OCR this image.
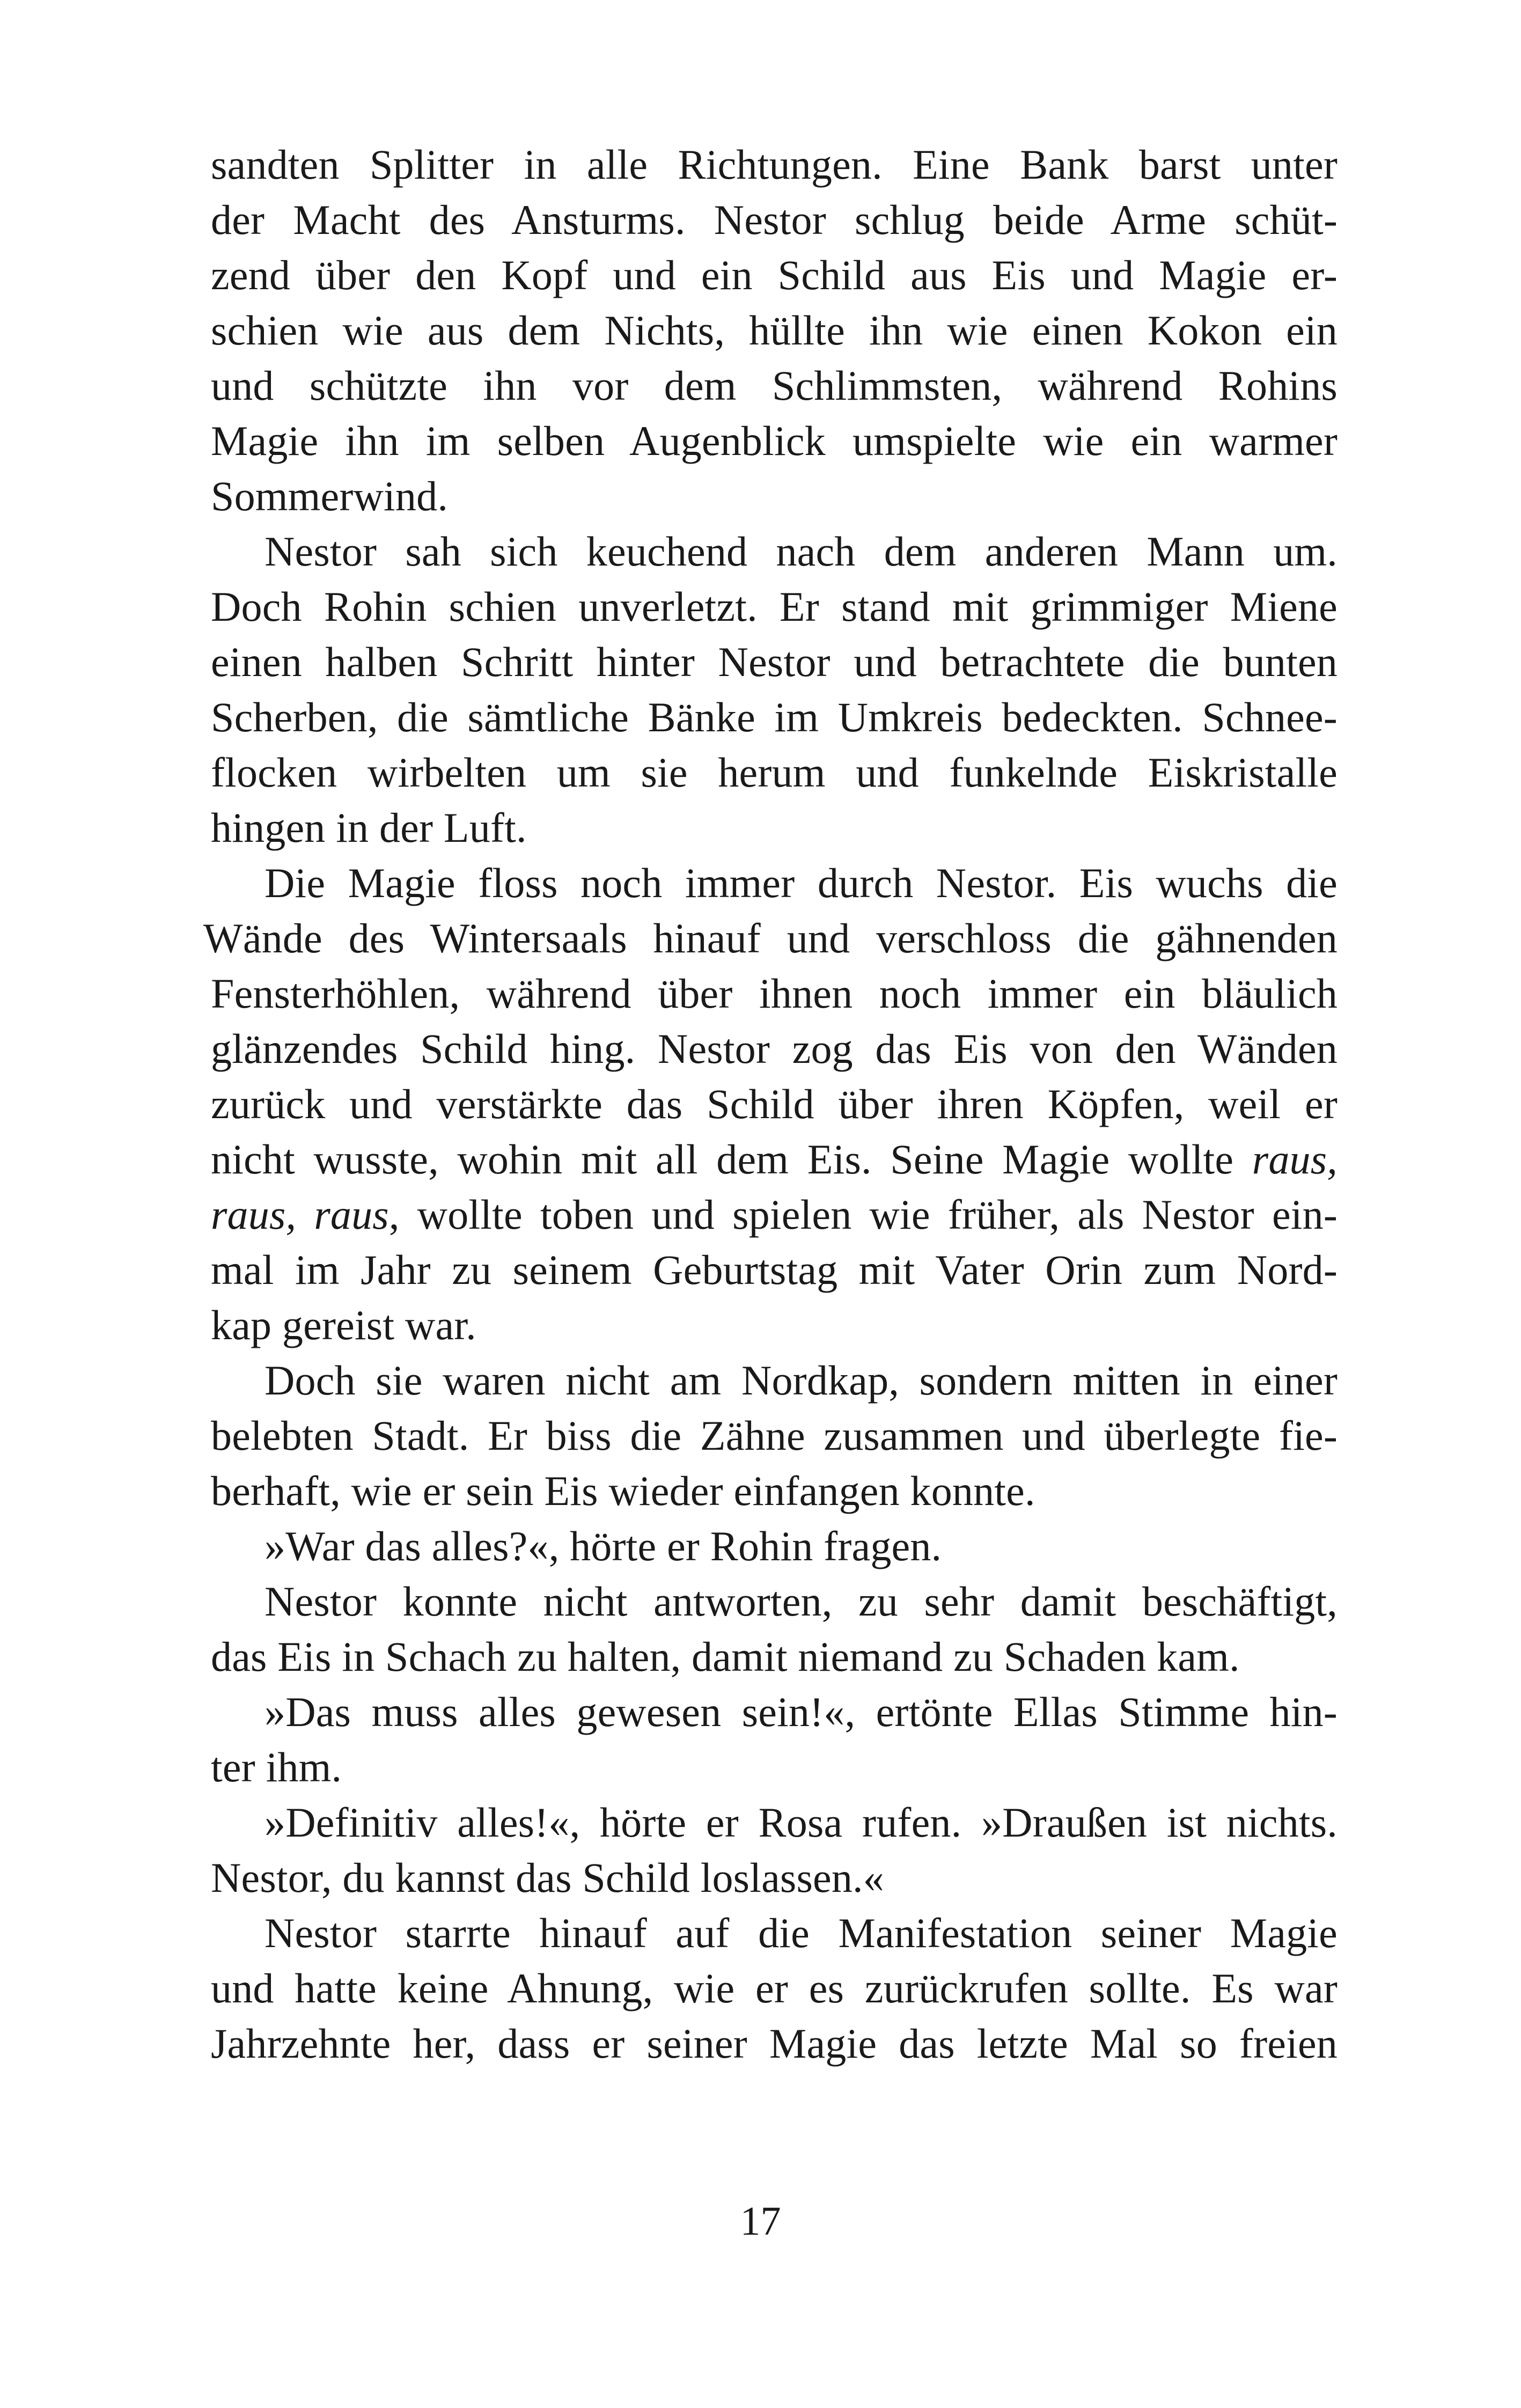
sandten Splitter in alle Richtungen. Eine Bank barst unter
der Macht des Ansturms. Nestor schlug beide Arme schüt-
zend über den Kopf und ein Schild aus Eis und Magie er-
schien wie aus dem Nichts, hüllte ihn wie einen Kokon ein
und schützte ihn vor dem Schlimmsten, während Rohins
Magie ihn im selben Augenblick umspielte wie ein warmer
Sommerwind.
Nestor sah sich keuchend nach dem anderen Mann um.
Doch Rohin schien unverletzt. Er stand mit grimmiger Miene
einen halben Schritt hinter Nestor und betrachtete die bunten
Scherben, die sämtliche Bänke im Umkreis bedeckten. Schnee-
flocken wirbelten um sie herum und funkelnde Eiskristalle
hingen in der Luft.
Die Magie floss noch immer durch Nestor. Eis wuchs die
Wände des Wintersaals hinauf und verschloss die gähnenden
Fensterhöhlen, während über ihnen noch immer ein bläulich
glänzendes Schild hing. Nestor zog das Eis von den Wänden
zurück und verstärkte das Schild über ihren Köpfen, weil er
nicht wusste, wohin mit all dem Eis. Seine Magie wollte raus,
raus, raus, wollte toben und spielen wie früher, als Nestor ein-
mal im Jahr zu seinem Geburtstag mit Vater Orin zum Nord-
kap gereist war.
Doch sie waren nicht am Nordkap, sondern mitten in einer
belebten Stadt. Er biss die Zähne zusammen und überlegte fie-
berhaft, wie er sein Eis wieder einfangen konnte.
»War das alles?«, hörte er Rohin fragen.
Nestor konnte nicht antworten, zu sehr damit beschäftigt,
das Eis in Schach zu halten, damit niemand zu Schaden kam.
»Das muss alles gewesen sein!«, ertönte Ellas Stimme hin-
ter ihm.
»Definitiv alles!«, hörte er Rosa rufen. »Draußen ist nichts.
Nestor, du kannst das Schild loslassen.«
Nestor starrte hinauf auf die Manifestation seiner Magie
und hatte keine Ahnung, wie er es zurückrufen sollte. Es war
Jahrzehnte her, dass er seiner Magie das letzte Mal so freien
17
